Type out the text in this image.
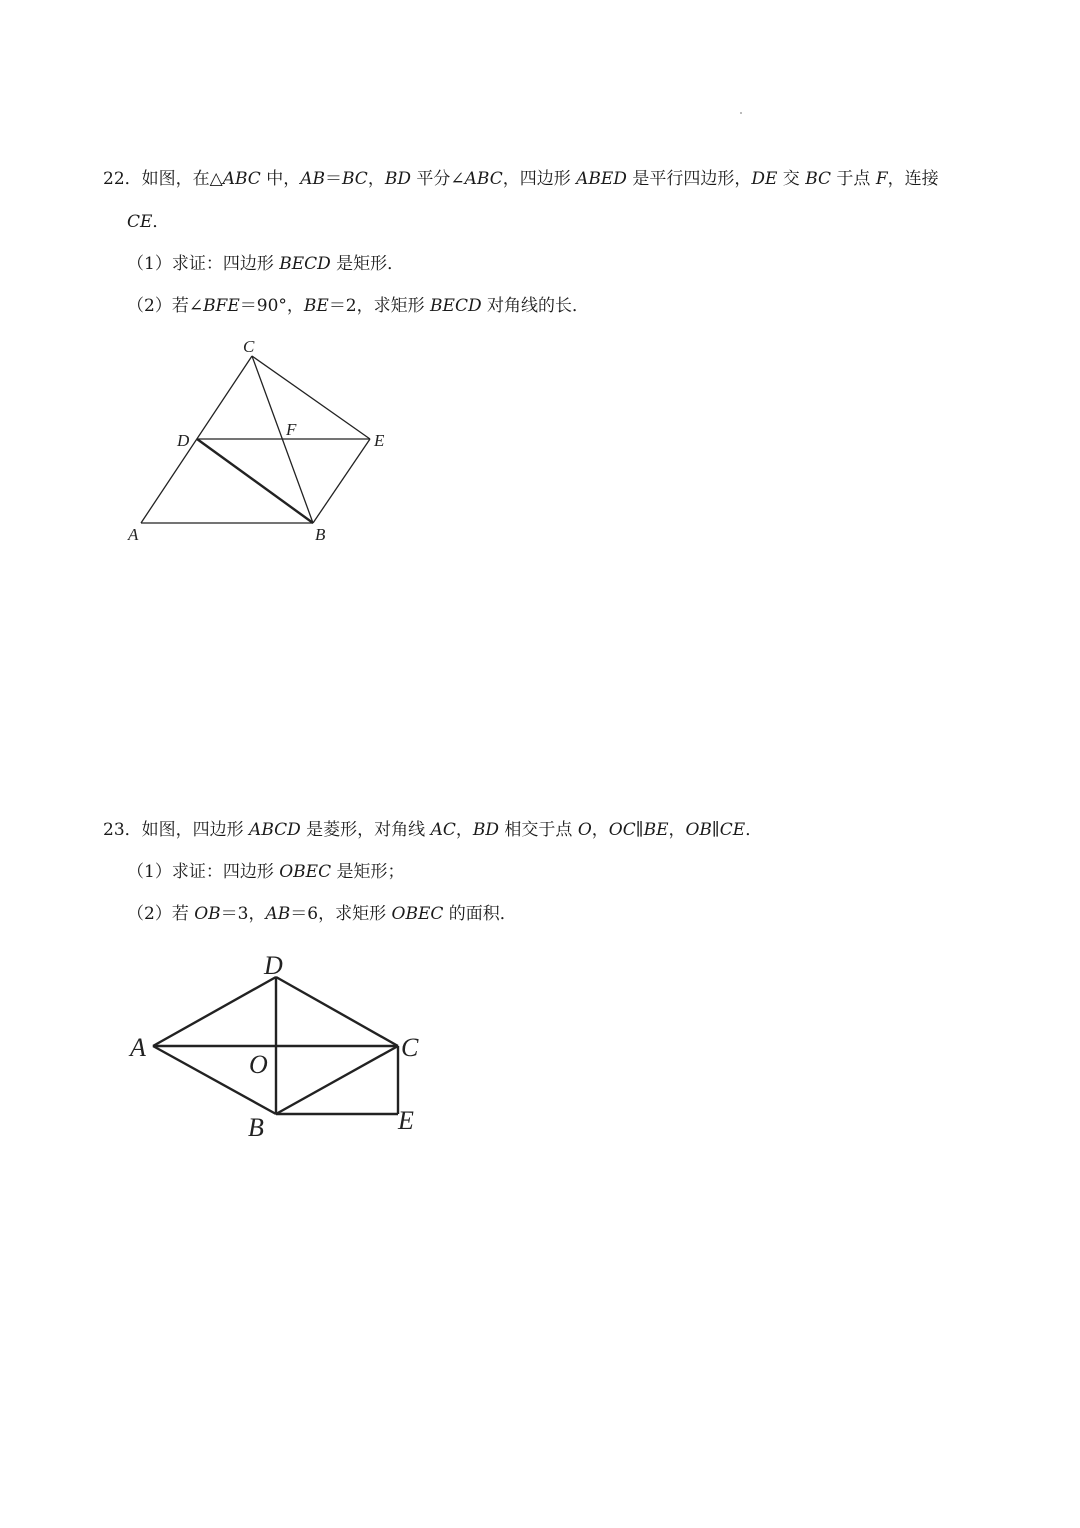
22．如图，在△ABC 中，AB＝BC，BD 平分∠ABC，四边形 ABED 是平行四边形，DE 交 BC 于点 F，连接
CE．
（1）求证：四边形 BECD 是矩形．
（2）若∠BFE＝90°，BE＝2，求矩形 BECD 对角线的长．
C
D
F
E
A	B
23．如图，四边形 ABCD 是菱形，对角线 AC，BD 相交于点 O，OC∥BE，OB∥CE．
（1）求证：四边形 OBEC 是矩形；
（2）若 OB＝3，AB＝6，求矩形 OBEC 的面积．
D
A
O
C
B	E
